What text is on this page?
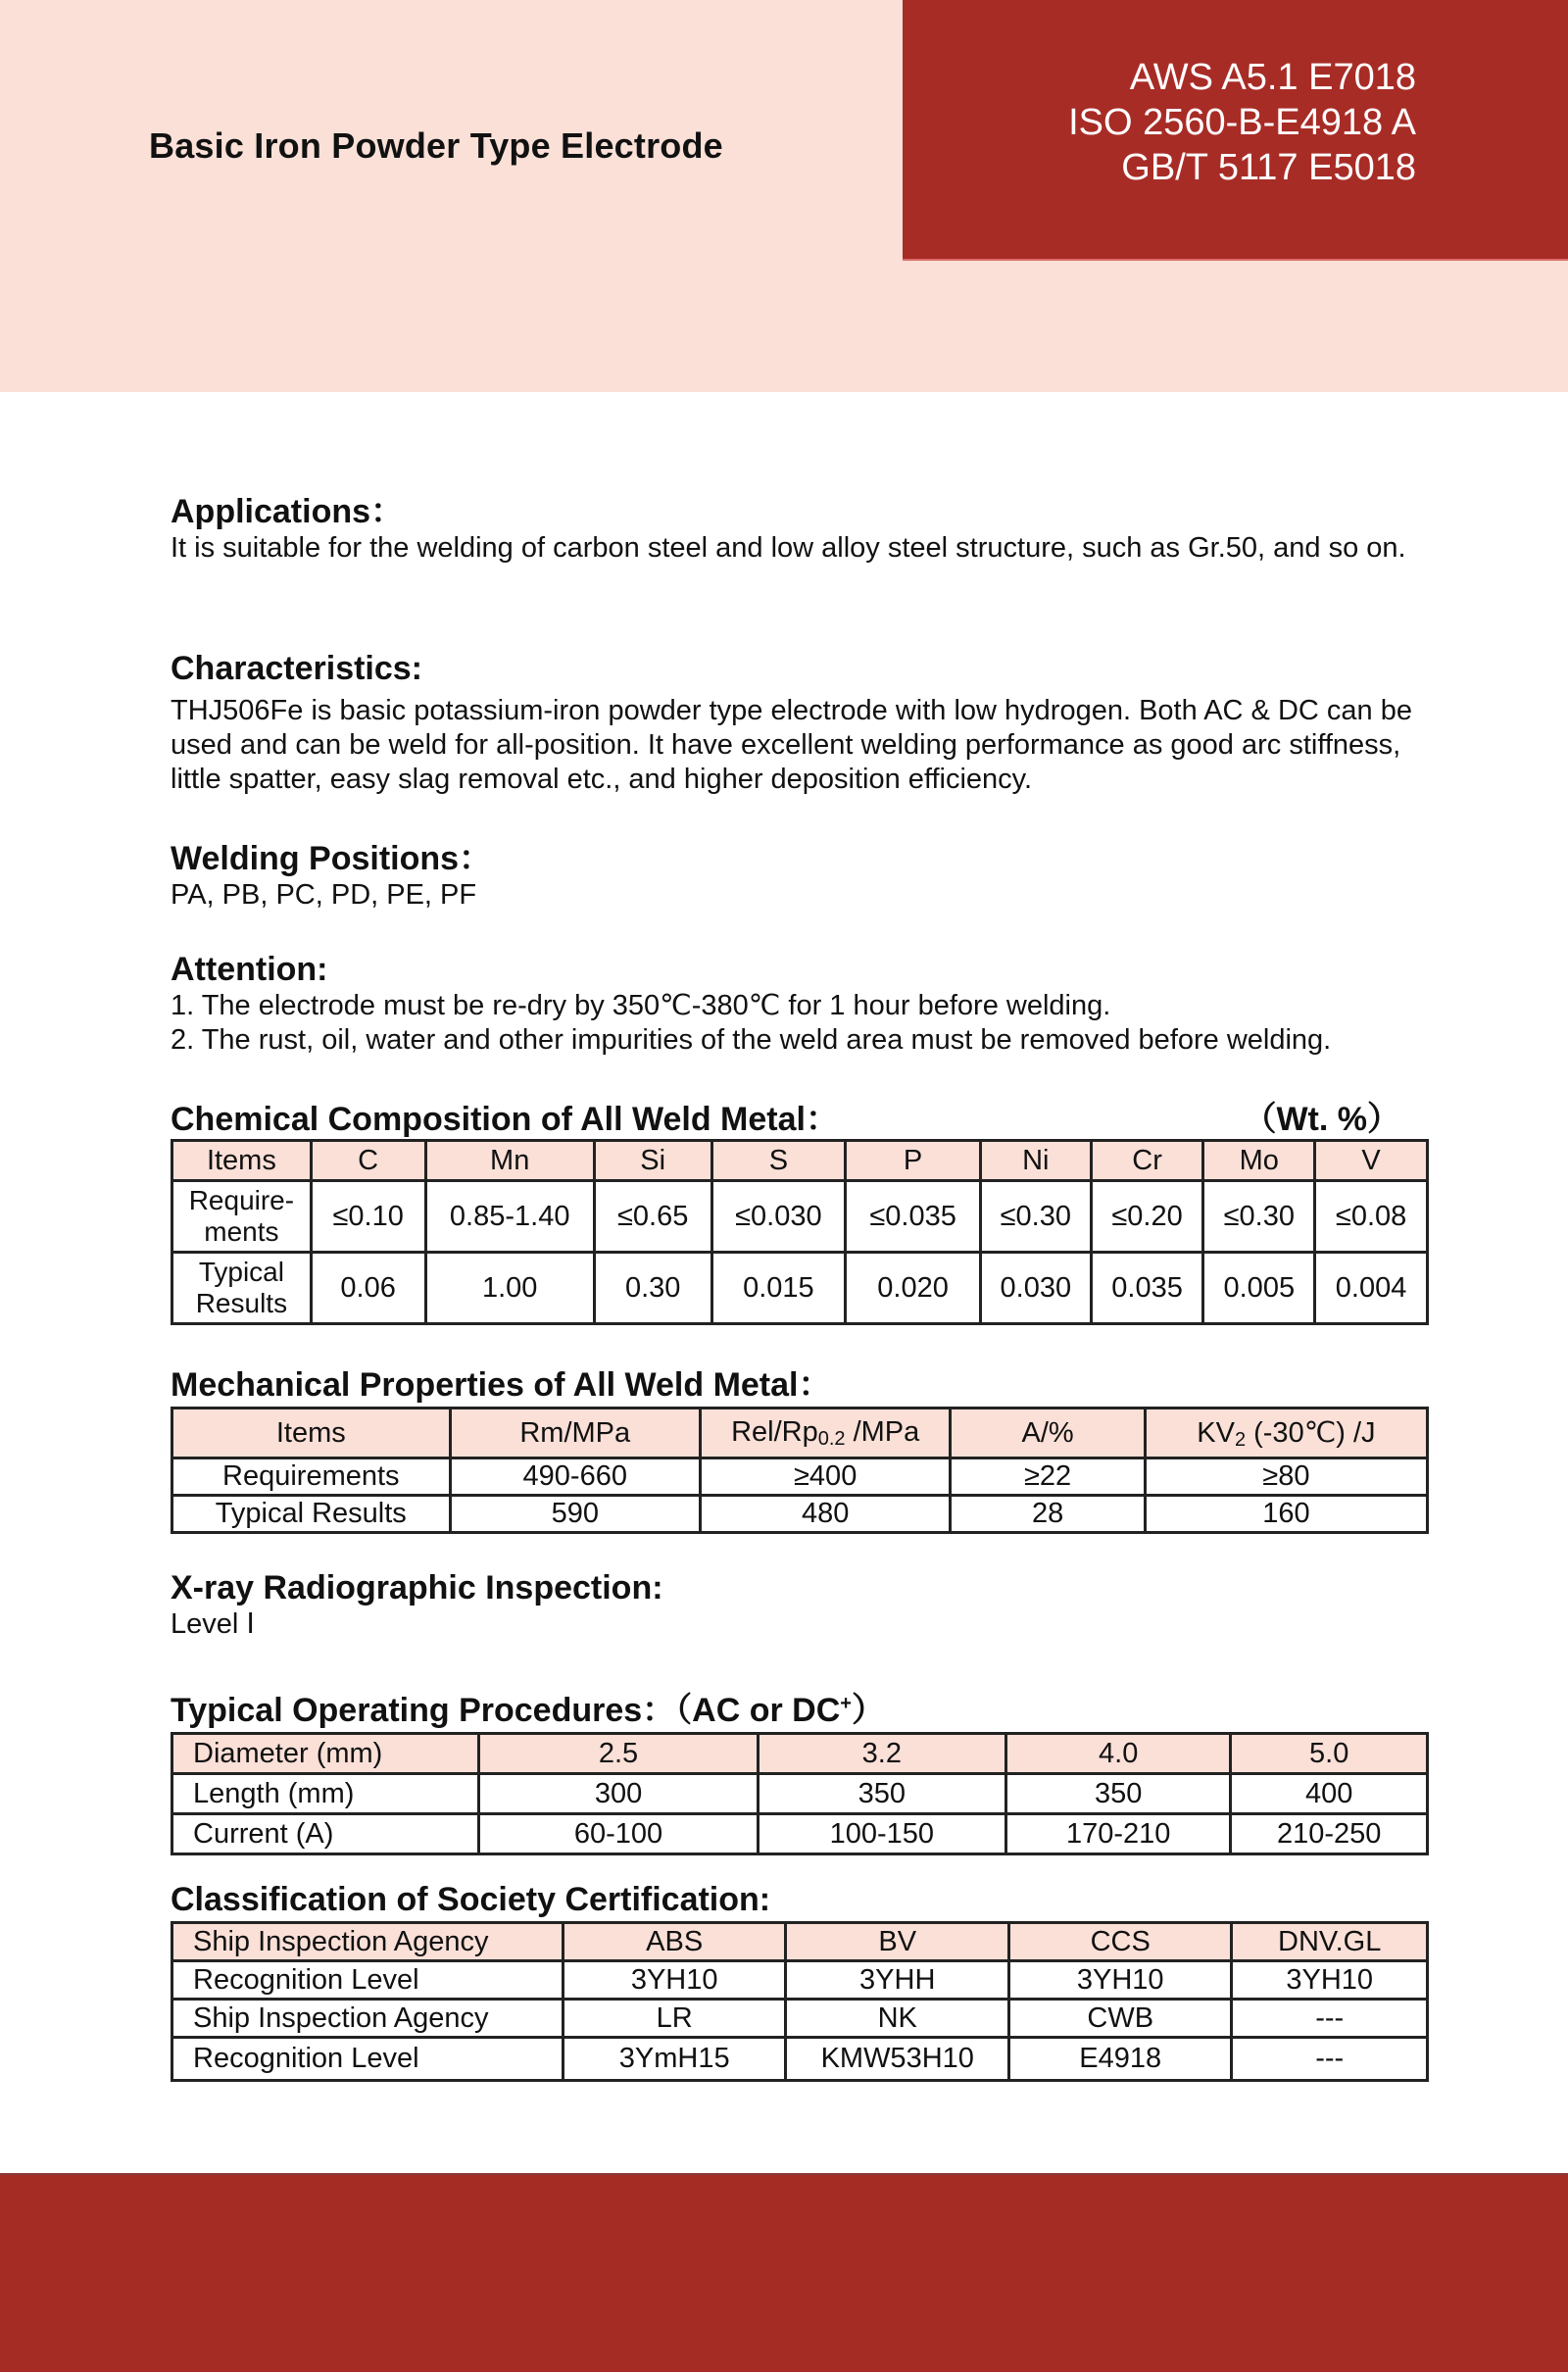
Basic Iron Powder Type Electrode
AWS A5.1 E7018
ISO 2560-B-E4918 A
GB/T 5117 E5018
Applications：
It is suitable for the welding of carbon steel and low alloy steel structure, such as Gr.50, and so on.
Characteristics:
THJ506Fe is basic potassium-iron powder type electrode with low hydrogen. Both AC & DC can be used and can be weld for all-position. It have excellent welding performance as good arc stiffness, little spatter, easy slag removal etc., and higher deposition efficiency.
Welding Positions：
PA, PB, PC, PD, PE, PF
Attention:
1. The electrode must be re-dry by 350℃-380℃ for 1 hour before welding.
2. The rust, oil, water and other impurities of the weld area must be removed before welding.
Chemical Composition of All Weld Metal：	（Wt. %）
Items	C	Mn	Si	S	P	Ni	Cr	Mo	V

Require-
ments	≤0.10	0.85-1.40	≤0.65	≤0.030	≤0.035	≤0.30	≤0.20	≤0.30	≤0.08

Typical
Results	0.06	1.00	0.30	0.015	0.020	0.030	0.035	0.005	0.004
Mechanical Properties of All Weld Metal：
Items	Rm/MPa	Rel/$Rp_{0.2}$ /MPa	A/%	$KV_2$ (-30℃) /J
Requirements	490-660	≥400	≥22	≥80
Typical Results	590	480	28	160
X-ray Radiographic Inspection:
Level Ⅰ
Typical Operating Procedures：（AC or DC+）
Diameter (mm)	2.5	3.2	4.0	5.0
Length (mm)	300	350	350	400
Current (A)	60-100	100-150	170-210	210-250
Classification of Society Certification:
Ship Inspection Agency	ABS	BV	CCS	DNV.GL
Recognition Level	3YH10	3YHH	3YH10	3YH10
Ship Inspection Agency	LR	NK	CWB	---
Recognition Level	3YmH15	KMW53H10	E4918	---
